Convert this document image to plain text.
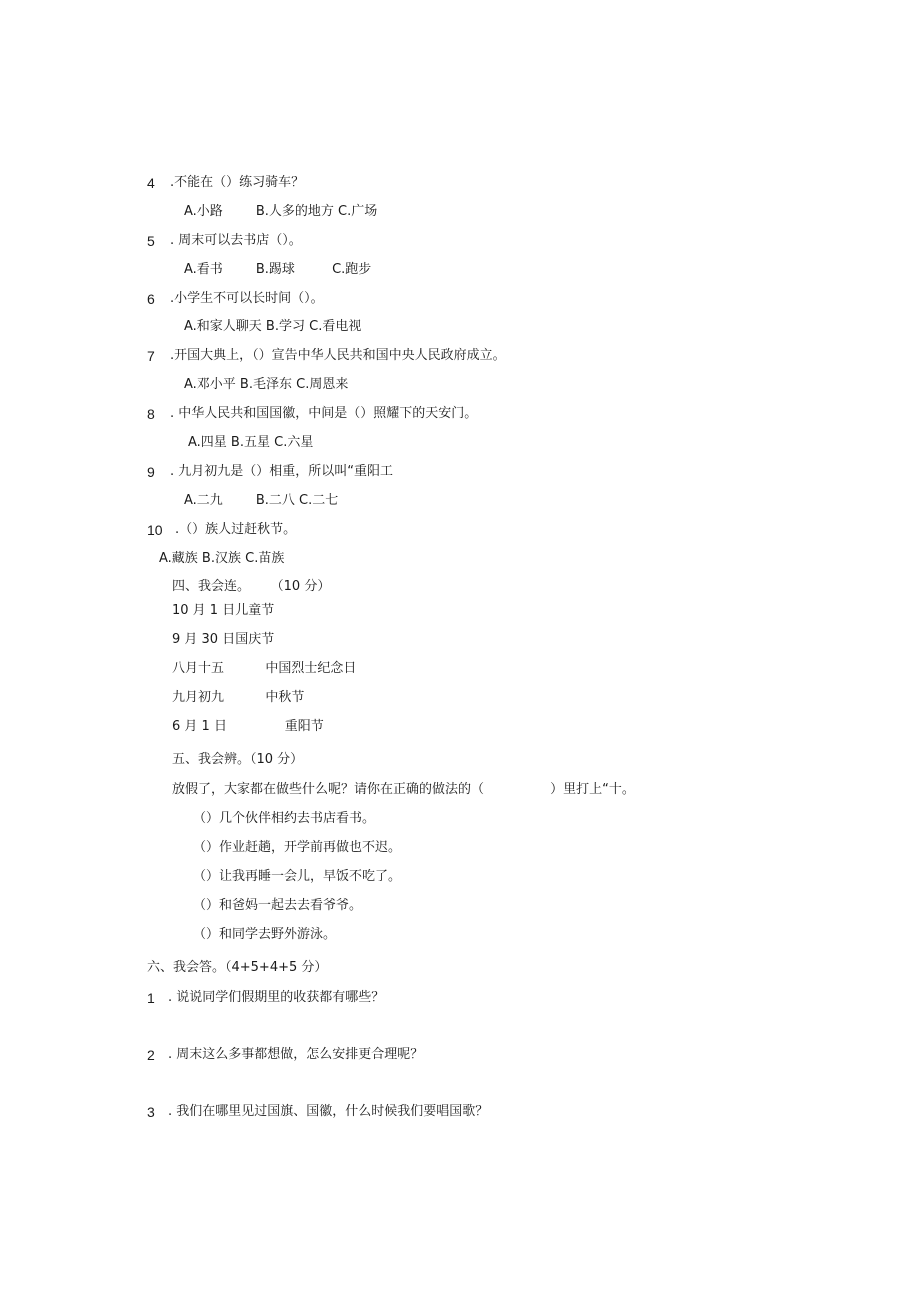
4 .不能在（）练习骑车？
A.小路        B.人多的地方 C.广场
5 . 周末可以去书店（）。
A.看书        B.踢球         C.跑步
6 .小学生不可以长时间（）。
A.和家人聊天 B.学习 C.看电视
7 .开国大典上，（）宣告中华人民共和国中央人民政府成立。
A.邓小平 B.毛泽东 C.周恩来
8 . 中华人民共和国国徽，中间是（）照耀下的天安门。
A.四星 B.五星 C.六星
9 . 九月初九是（）相重，所以叫“重阳工
A.二九        B.二八 C.二七
10 .（）族人过赶秋节。
A.藏族 B.汉族 C.苗族
四、我会连。     （10 分）
10 月 1 日儿童节
9 月 30 日国庆节
八月十五          中国烈士纪念日
九月初九          中秋节
6 月 1 日              重阳节
五、我会辨。（10 分）
放假了，大家都在做些什么呢？请你在正确的做法的（                ）里打上“十。
（）几个伙伴相约去书店看书。
（）作业赶趟，开学前再做也不迟。
（）让我再睡一会儿，早饭不吃了。
（）和爸妈一起去去看爷爷。
（）和同学去野外游泳。
六、我会答。（4+5+4+5 分）
1 . 说说同学们假期里的收获都有哪些？
2 . 周末这么多事都想做，怎么安排更合理呢？
3 . 我们在哪里见过国旗、国徽，什么时候我们要唱国歌？
